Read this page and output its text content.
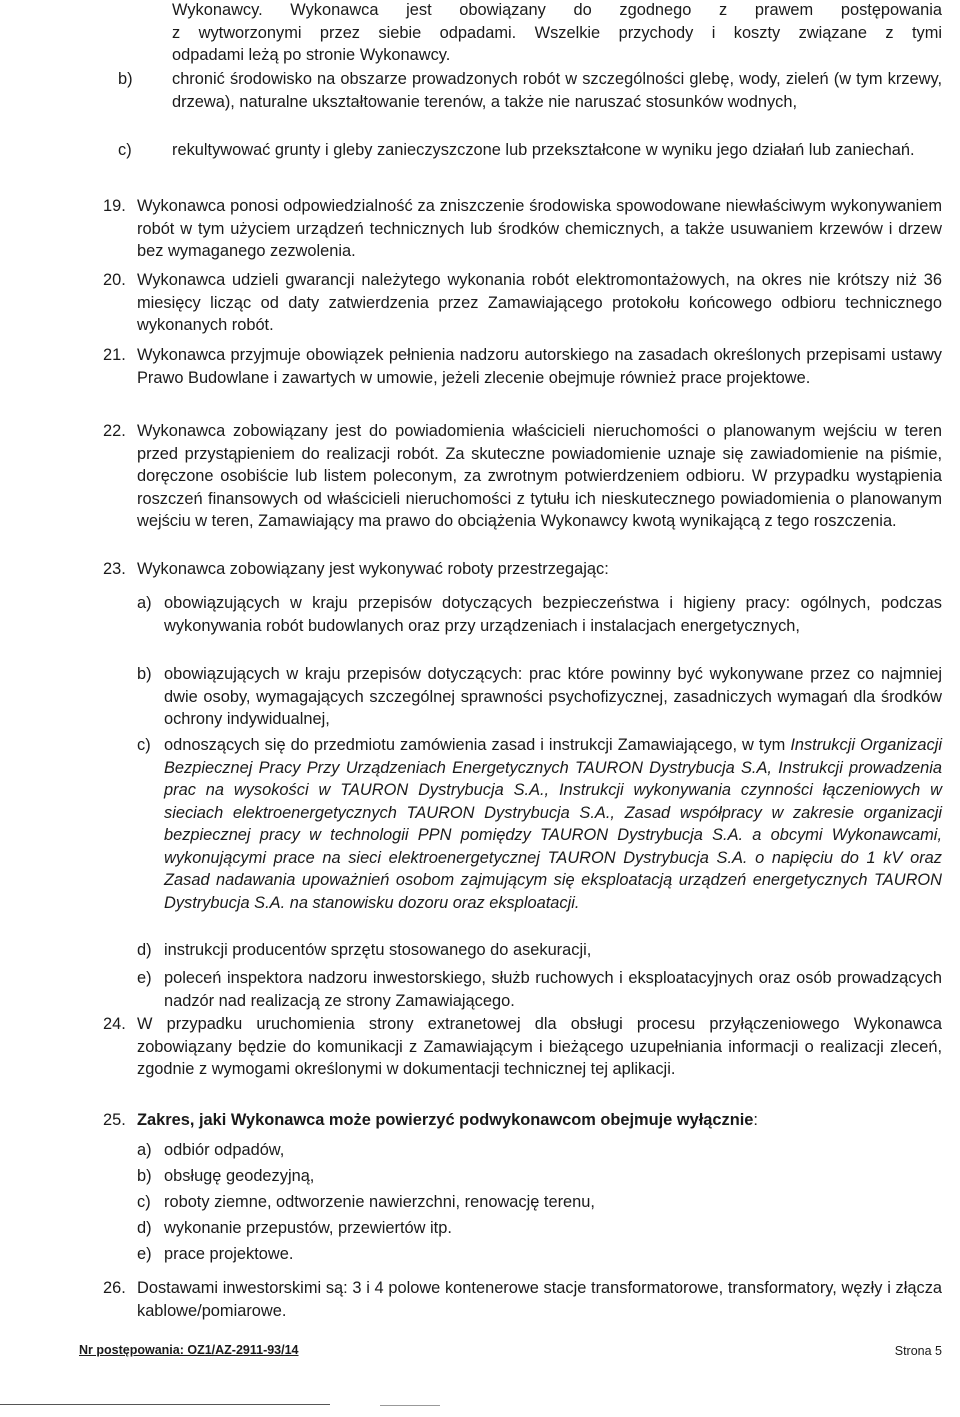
Wykonawcy. Wykonawca jest obowiązany do zgodnego z prawem postępowania
z wytworzonymi przez siebie odpadami. Wszelkie przychody i koszty związane z tymi
odpadami leżą po stronie Wykonawcy.
b) chronić środowisko na obszarze prowadzonych robót w szczególności glebę, wody, zieleń (w tym krzewy, drzewa), naturalne ukształtowanie terenów, a także nie naruszać stosunków wodnych,
c) rekultywować grunty i gleby zanieczyszczone lub przekształcone w wyniku jego działań lub zaniechań.
19. Wykonawca ponosi odpowiedzialność za zniszczenie środowiska spowodowane niewłaściwym wykonywaniem robót w tym użyciem urządzeń technicznych lub środków chemicznych, a także usuwaniem krzewów i drzew bez wymaganego zezwolenia.
20. Wykonawca udzieli gwarancji należytego wykonania robót elektromontażowych, na okres nie krótszy niż 36 miesięcy licząc od daty zatwierdzenia przez Zamawiającego protokołu końcowego odbioru technicznego wykonanych robót.
21. Wykonawca przyjmuje obowiązek pełnienia nadzoru autorskiego na zasadach określonych przepisami ustawy Prawo Budowlane i zawartych w umowie, jeżeli zlecenie obejmuje również prace projektowe.
22. Wykonawca zobowiązany jest do powiadomienia właścicieli nieruchomości o planowanym wejściu w teren przed przystąpieniem do realizacji robót. Za skuteczne powiadomienie uznaje się zawiadomienie na piśmie, doręczone osobiście lub listem poleconym, za zwrotnym potwierdzeniem odbioru. W przypadku wystąpienia roszczeń finansowych od właścicieli nieruchomości z tytułu ich nieskutecznego powiadomienia o planowanym wejściu w teren, Zamawiający ma prawo do obciążenia Wykonawcy kwotą wynikającą z tego roszczenia.
23. Wykonawca zobowiązany jest wykonywać roboty przestrzegając:
a) obowiązujących w kraju przepisów dotyczących bezpieczeństwa i higieny pracy: ogólnych, podczas wykonywania robót budowlanych oraz przy urządzeniach i instalacjach energetycznych,
b) obowiązujących w kraju przepisów dotyczących: prac które powinny być wykonywane przez co najmniej dwie osoby, wymagających szczególnej sprawności psychofizycznej, zasadniczych wymagań dla środków ochrony indywidualnej,
c) odnoszących się do przedmiotu zamówienia zasad i instrukcji Zamawiającego, w tym Instrukcji Organizacji Bezpiecznej Pracy Przy Urządzeniach Energetycznych TAURON Dystrybucja S.A, Instrukcji prowadzenia prac na wysokości w TAURON Dystrybucja S.A., Instrukcji wykonywania czynności łączeniowych w sieciach elektroenergetycznych TAURON Dystrybucja S.A., Zasad współpracy w zakresie organizacji bezpiecznej pracy w technologii PPN pomiędzy TAURON Dystrybucja S.A. a obcymi Wykonawcami, wykonującymi prace na sieci elektroenergetycznej TAURON Dystrybucja S.A. o napięciu do 1 kV oraz Zasad nadawania upoważnień osobom zajmującym się eksploatacją urządzeń energetycznych TAURON Dystrybucja S.A. na stanowisku dozoru oraz eksploatacji.
d) instrukcji producentów sprzętu stosowanego do asekuracji,
e) poleceń inspektora nadzoru inwestorskiego, służb ruchowych i eksploatacyjnych oraz osób prowadzących nadzór nad realizacją ze strony Zamawiającego.
24. W przypadku uruchomienia strony extranetowej dla obsługi procesu przyłączeniowego Wykonawca zobowiązany będzie do komunikacji z Zamawiającym i bieżącego uzupełniania informacji o realizacji zleceń, zgodnie z wymogami określonymi w dokumentacji technicznej tej aplikacji.
25. Zakres, jaki Wykonawca może powierzyć podwykonawcom obejmuje wyłącznie:
a) odbiór odpadów,
b) obsługę geodezyjną,
c) roboty ziemne, odtworzenie nawierzchni, renowację terenu,
d) wykonanie przepustów, przewiertów itp.
e) prace projektowe.
26. Dostawami inwestorskimi są: 3 i 4 polowe kontenerowe stacje transformatorowe, transformatory, węzły i złącza kablowe/pomiarowe.
Nr postępowania: OZ1/AZ-2911-93/14	Strona 5
